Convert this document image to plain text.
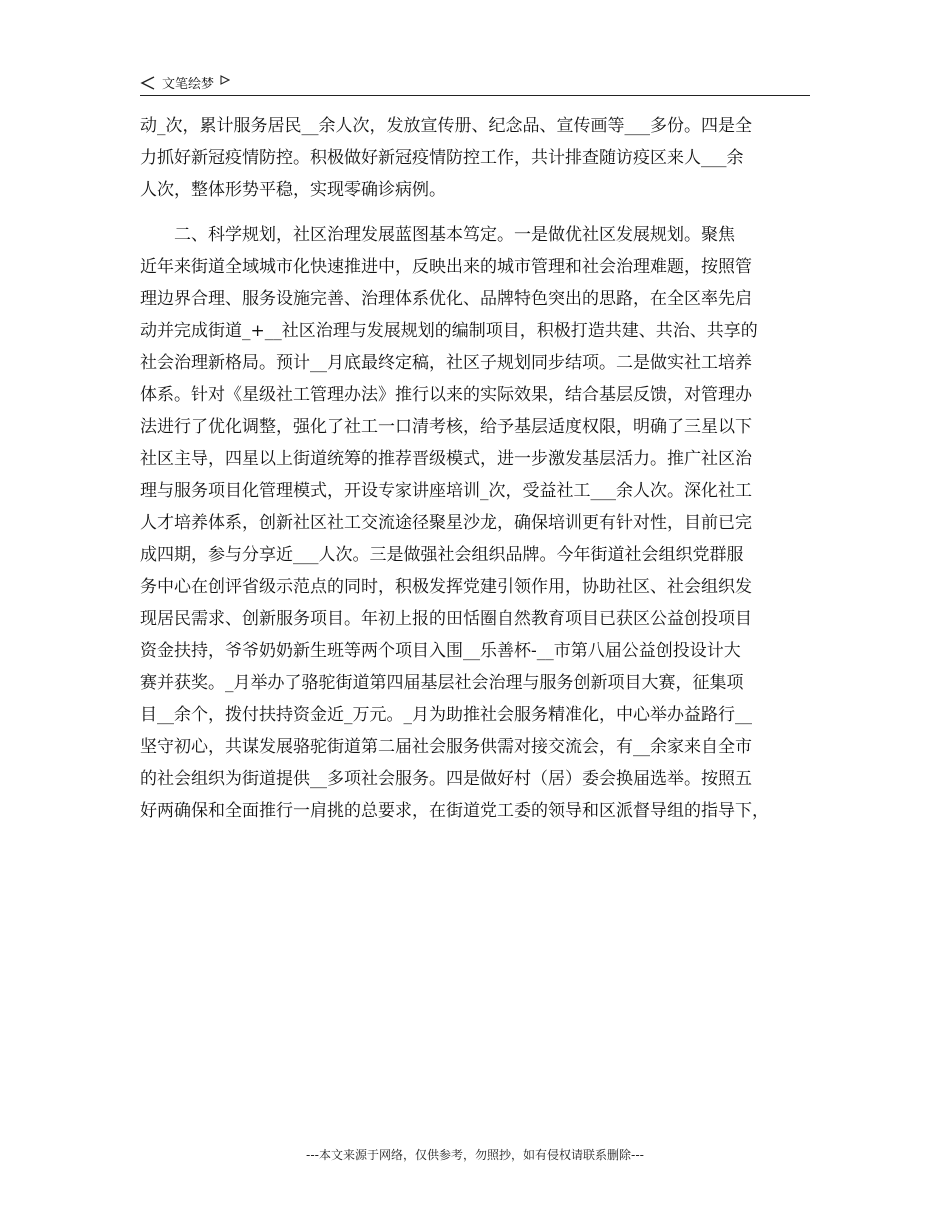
文笔绘梦
动_次，累计服务居民__余人次，发放宣传册、纪念品、宣传画等___多份。四是全
力抓好新冠疫情防控。积极做好新冠疫情防控工作，共计排查随访疫区来人___余
人次，整体形势平稳，实现零确诊病例。
二、科学规划，社区治理发展蓝图基本笃定。一是做优社区发展规划。聚焦
近年来街道全域城市化快速推进中，反映出来的城市管理和社会治理难题，按照管
理边界合理、服务设施完善、治理体系优化、品牌特色突出的思路，在全区率先启
动并完成街道_+__社区治理与发展规划的编制项目，积极打造共建、共治、共享的
社会治理新格局。预计__月底最终定稿，社区子规划同步结项。二是做实社工培养
体系。针对《星级社工管理办法》推行以来的实际效果，结合基层反馈，对管理办
法进行了优化调整，强化了社工一口清考核，给予基层适度权限，明确了三星以下
社区主导，四星以上街道统筹的推荐晋级模式，进一步激发基层活力。推广社区治
理与服务项目化管理模式，开设专家讲座培训_次，受益社工___余人次。深化社工
人才培养体系，创新社区社工交流途径聚星沙龙，确保培训更有针对性，目前已完
成四期，参与分享近___人次。三是做强社会组织品牌。今年街道社会组织党群服
务中心在创评省级示范点的同时，积极发挥党建引领作用，协助社区、社会组织发
现居民需求、创新服务项目。年初上报的田恬圈自然教育项目已获区公益创投项目
资金扶持，爷爷奶奶新生班等两个项目入围__乐善杯-__市第八届公益创投设计大
赛并获奖。_月举办了骆驼街道第四届基层社会治理与服务创新项目大赛，征集项
目__余个，拨付扶持资金近_万元。_月为助推社会服务精准化，中心举办益路行__
坚守初心，共谋发展骆驼街道第二届社会服务供需对接交流会，有__余家来自全市
的社会组织为街道提供__多项社会服务。四是做好村（居）委会换届选举。按照五
好两确保和全面推行一肩挑的总要求，在街道党工委的领导和区派督导组的指导下，
---本文来源于网络，仅供参考，勿照抄，如有侵权请联系删除---
